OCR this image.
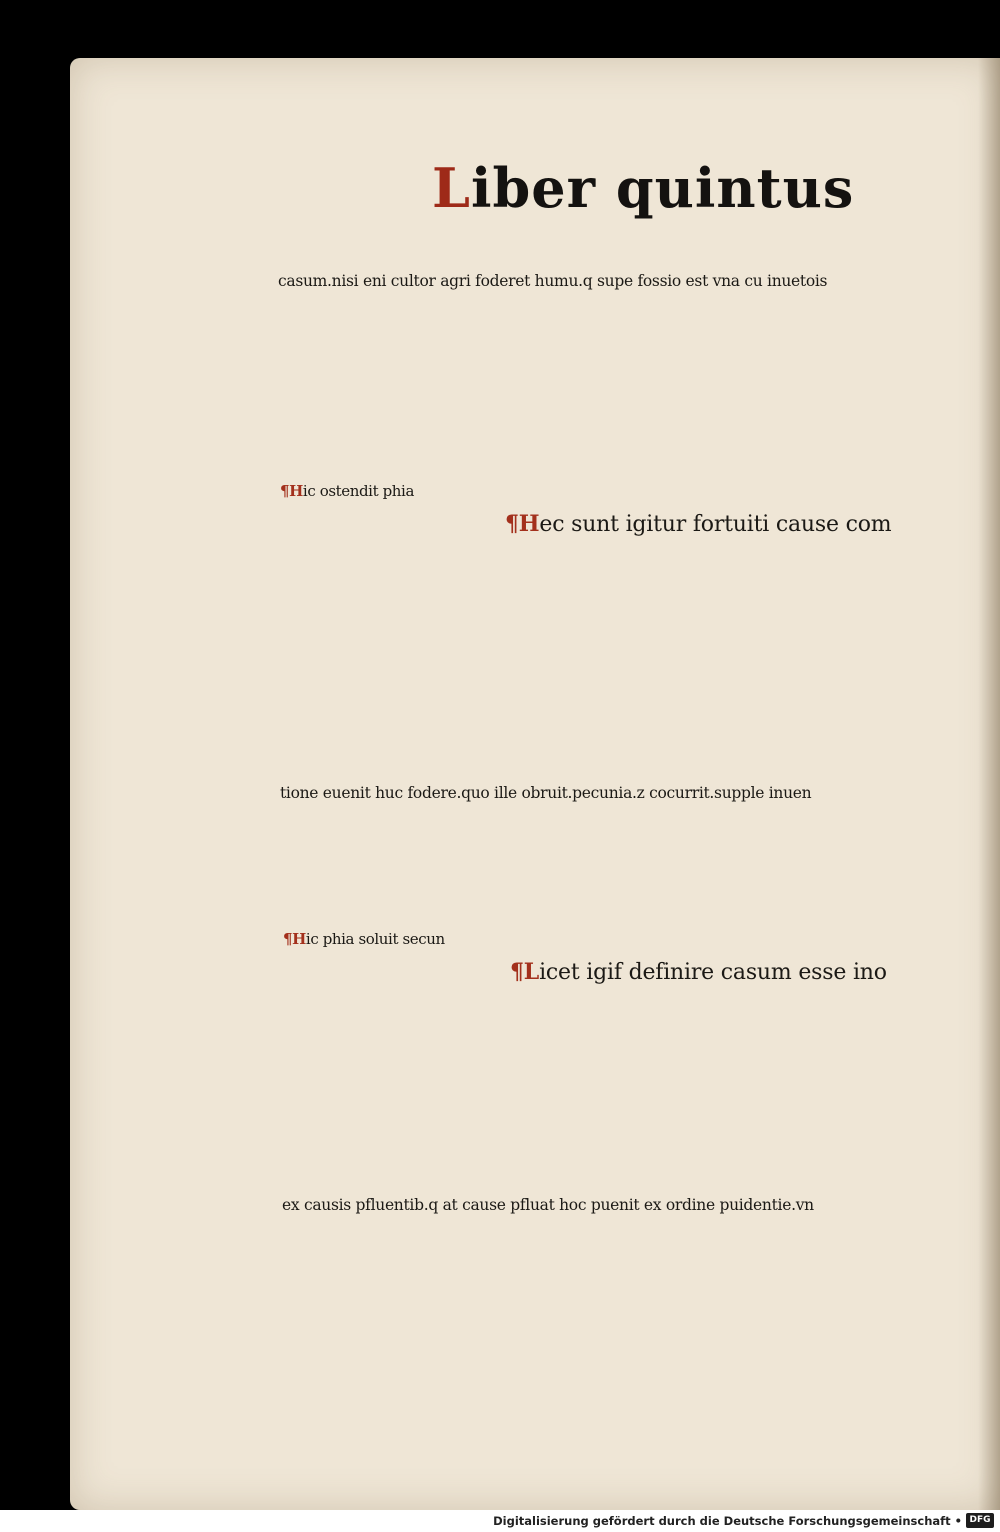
Liber quintus

casum.nisi eni cultor agri foderet humu.q supe fossio est vna cu inuetois

¶Hic ostendit phia

¶Hec sunt igitur fortuiti cause com

tione euenit huc fodere.quo ille obruit.pecunia.z cocurrit.supple inuen

¶Hic phia soluit secun

¶Licet igif definire casum esse ino

ex causis pfluentib.q at cause pfluat hoc puenit ex ordine puidentie.vn

Digitalisierung gefördert durch die Deutsche Forschungsgemeinschaft • DFG
